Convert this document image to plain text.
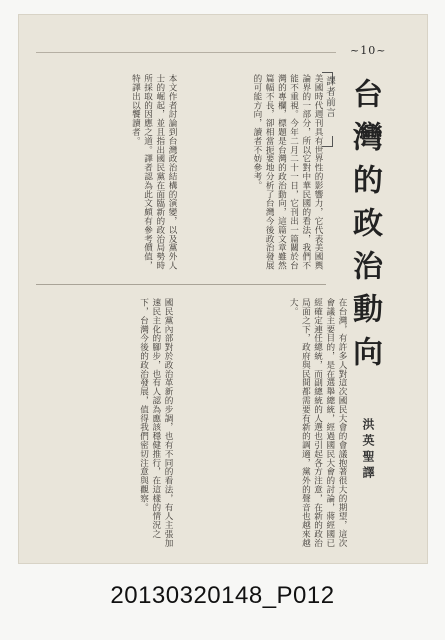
~10~
台灣的政治動向
洪英聖譯
譯者前言
美國時代週刊具有世界性的影響力，它代表美國輿論界的一部分，所以它對中華民國的看法，我們不能不重視。今年二月二十一日，它刊出一篇關於台灣的專欄，標題是台灣的政治動向，這篇文章雖然篇幅不長，卻相當扼要地分析了台灣今後政治發展的可能方向，讀者不妨參考。
本文作者討論到台灣政治結構的演變，以及黨外人士的崛起，並且指出國民黨在面臨新的政治局勢時所採取的因應之道。譯者認為此文頗有參考價值，特譯出以饗讀者。
在台灣，有許多人對這次國民大會的會議抱著很大的期望，這次會議主要目的，是在選舉總統，經過國民大會的討論，蔣經國已經確定連任總統，而副總統的人選也引起各方注意，在新的政治局面之下，政府與民間都需要有新的調適，黨外的聲音也越來越大。
國民黨內部對於政治革新的步調，也有不同的看法，有人主張加速民主化的腳步，也有人認為應該穩健推行，在這樣的情況之下，台灣今後的政治發展，值得我們密切注意與觀察。
20130320148_P012
